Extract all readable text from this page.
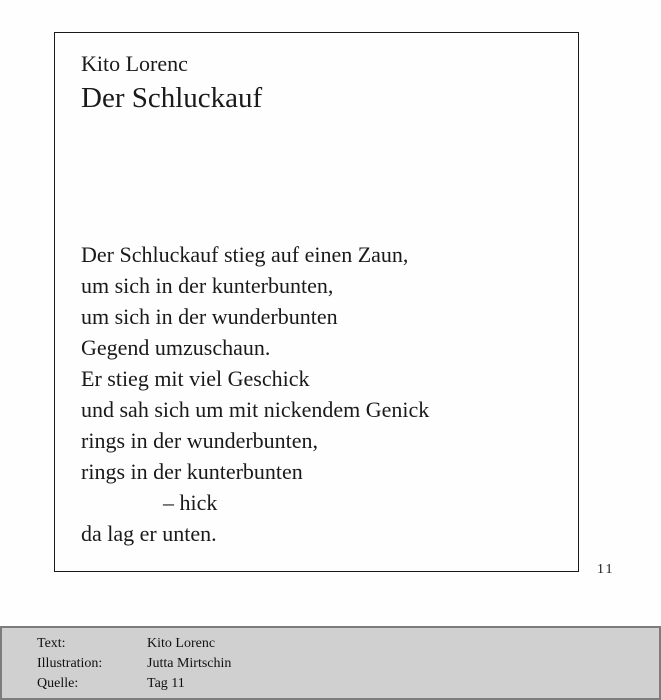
Kito Lorenc
Der Schluckauf
Der Schluckauf stieg auf einen Zaun,
um sich in der kunterbunten,
um sich in der wunderbunten
Gegend umzuschaun.
Er stieg mit viel Geschick
und sah sich um mit nickendem Genick
rings in der wunderbunten,
rings in der kunterbunten
– hick
da lag er unten.
11
Text:	Kito Lorenc
Illustration:	Jutta Mirtschin
Quelle:	Tag 11
